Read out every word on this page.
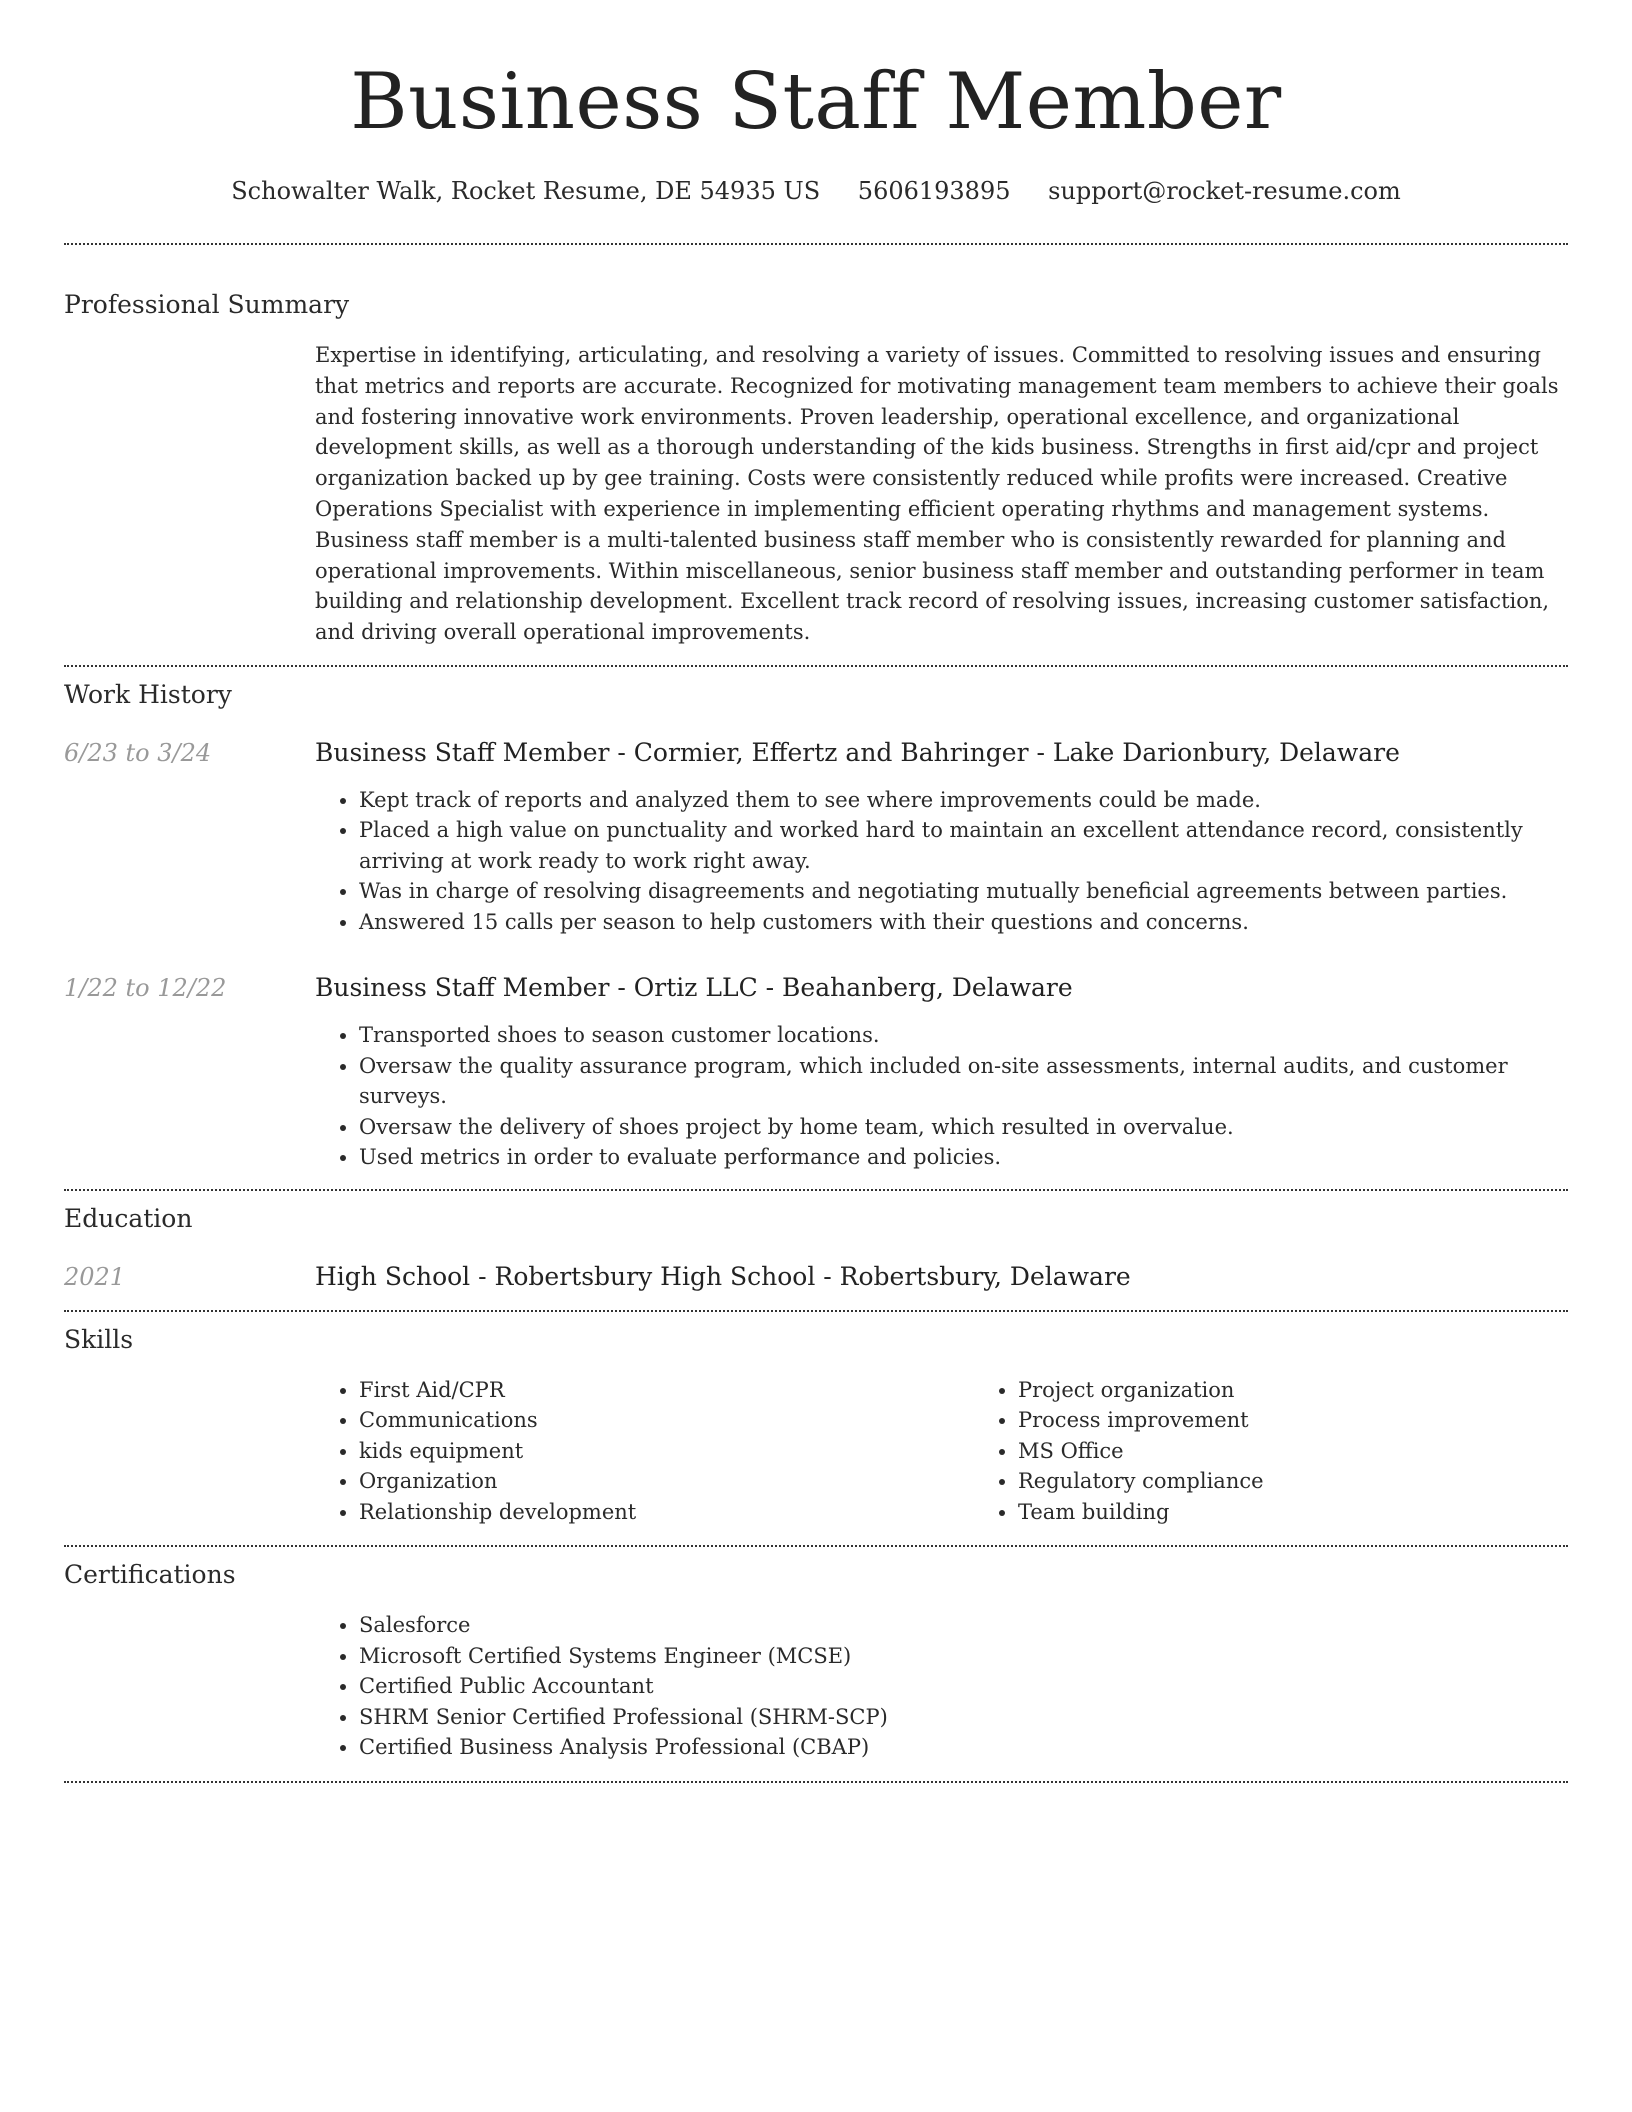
Business Staff Member
Schowalter Walk, Rocket Resume, DE 54935 US 5606193895 support@rocket-resume.com
Professional Summary

Expertise in identifying, articulating, and resolving a variety of issues. Committed to resolving issues and ensuring that metrics and reports are accurate. Recognized for motivating management team members to achieve their goals and fostering innovative work environments. Proven leadership, operational excellence, and organizational development skills, as well as a thorough understanding of the kids business. Strengths in first aid/cpr and project organization backed up by gee training. Costs were consistently reduced while profits were increased. Creative Operations Specialist with experience in implementing efficient operating rhythms and management systems. Business staff member is a multi-talented business staff member who is consistently rewarded for planning and operational improvements. Within miscellaneous, senior business staff member and outstanding performer in team building and relationship development. Excellent track record of resolving issues, increasing customer satisfaction, and driving overall operational improvements.

Work History
6/23 to 3/24	Business Staff Member - Cormier, Effertz and Bahringer - Lake Darionbury, Delaware
• Kept track of reports and analyzed them to see where improvements could be made.
• Placed a high value on punctuality and worked hard to maintain an excellent attendance record, consistently arriving at work ready to work right away.
• Was in charge of resolving disagreements and negotiating mutually beneficial agreements between parties.
• Answered 15 calls per season to help customers with their questions and concerns.
1/22 to 12/22	Business Staff Member - Ortiz LLC - Beahanberg, Delaware
• Transported shoes to season customer locations.
• Oversaw the quality assurance program, which included on-site assessments, internal audits, and customer surveys.
• Oversaw the delivery of shoes project by home team, which resulted in overvalue.
• Used metrics in order to evaluate performance and policies.
Education
2021	High School - Robertsbury High School - Robertsbury, Delaware
Skills
• First Aid/CPR
• Communications
• kids equipment
• Organization
• Relationship development
• Project organization
• Process improvement
• MS Office
• Regulatory compliance
• Team building
Certifications
• Salesforce
• Microsoft Certified Systems Engineer (MCSE)
• Certified Public Accountant
• SHRM Senior Certified Professional (SHRM-SCP)
• Certified Business Analysis Professional (CBAP)
